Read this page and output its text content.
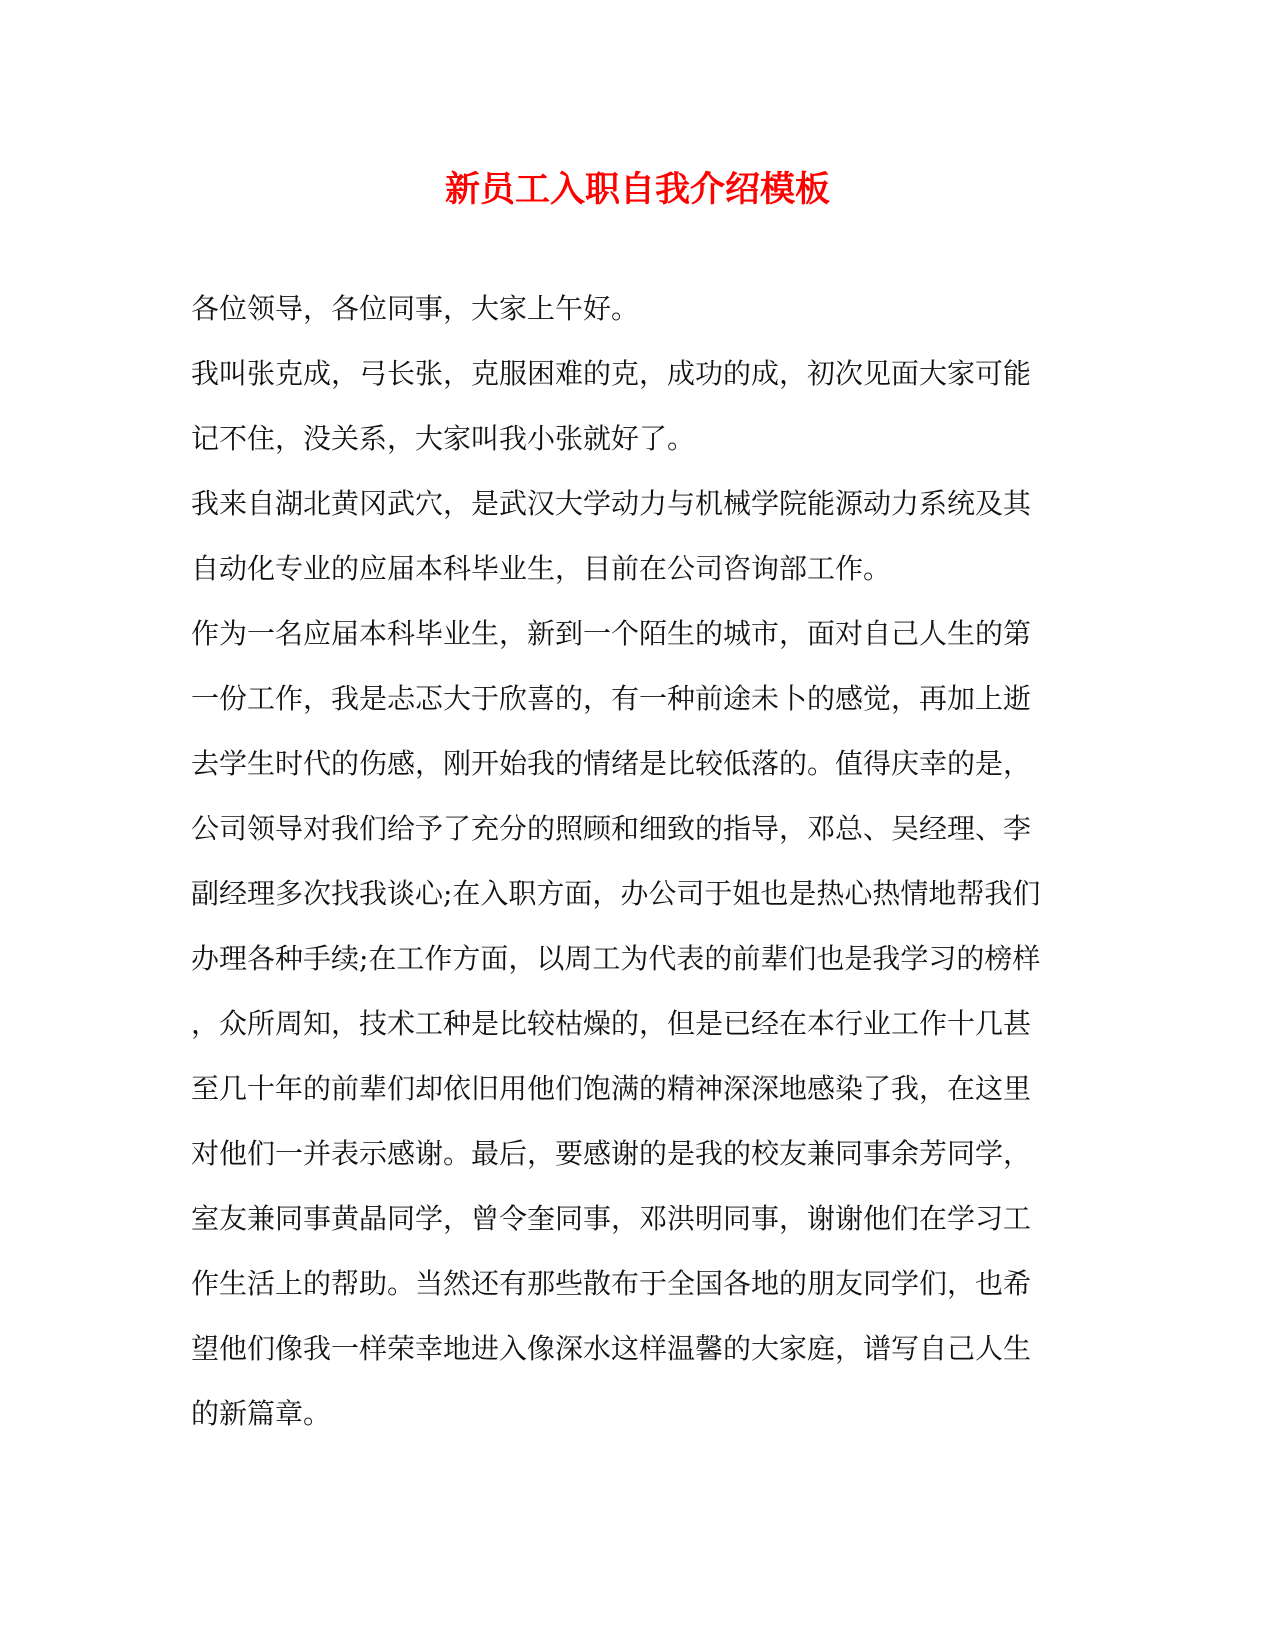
新员工入职自我介绍模板
各位领导，各位同事，大家上午好。
我叫张克成，弓长张，克服困难的克，成功的成，初次见面大家可能
记不住，没关系，大家叫我小张就好了。
我来自湖北黄冈武穴，是武汉大学动力与机械学院能源动力系统及其
自动化专业的应届本科毕业生，目前在公司咨询部工作。
作为一名应届本科毕业生，新到一个陌生的城市，面对自己人生的第
一份工作，我是忐忑大于欣喜的，有一种前途未卜的感觉，再加上逝
去学生时代的伤感，刚开始我的情绪是比较低落的。值得庆幸的是，
公司领导对我们给予了充分的照顾和细致的指导，邓总、吴经理、李
副经理多次找我谈心;在入职方面，办公司于姐也是热心热情地帮我们
办理各种手续;在工作方面，以周工为代表的前辈们也是我学习的榜样
，众所周知，技术工种是比较枯燥的，但是已经在本行业工作十几甚
至几十年的前辈们却依旧用他们饱满的精神深深地感染了我，在这里
对他们一并表示感谢。最后，要感谢的是我的校友兼同事余芳同学，
室友兼同事黄晶同学，曾令奎同事，邓洪明同事，谢谢他们在学习工
作生活上的帮助。当然还有那些散布于全国各地的朋友同学们，也希
望他们像我一样荣幸地进入像深水这样温馨的大家庭，谱写自己人生
的新篇章。
